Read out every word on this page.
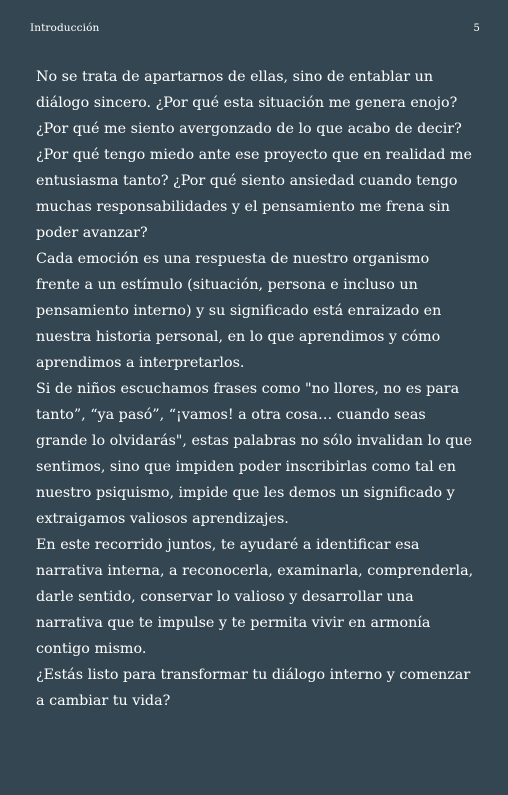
Introducción	5

No se trata de apartarnos de ellas, sino de entablar un diálogo sincero. ¿Por qué esta situación me genera enojo? ¿Por qué me siento avergonzado de lo que acabo de decir? ¿Por qué tengo miedo ante ese proyecto que en realidad me entusiasma tanto? ¿Por qué siento ansiedad cuando tengo muchas responsabilidades y el pensamiento me frena sin poder avanzar?

Cada emoción es una respuesta de nuestro organismo frente a un estímulo (situación, persona e incluso un pensamiento interno) y su significado está enraizado en nuestra historia personal, en lo que aprendimos y cómo aprendimos a interpretarlos.

Si de niños escuchamos frases como "no llores, no es para tanto”, “ya pasó”, “¡vamos! a otra cosa… cuando seas grande lo olvidarás", estas palabras no sólo invalidan lo que sentimos, sino que impiden poder inscribirlas como tal en nuestro psiquismo, impide que les demos un significado y extraigamos valiosos aprendizajes.

En este recorrido juntos, te ayudaré a identificar esa narrativa interna, a reconocerla, examinarla, comprenderla, darle sentido, conservar lo valioso y desarrollar una narrativa que te impulse y te permita vivir en armonía contigo mismo.

¿Estás listo para transformar tu diálogo interno y comenzar a cambiar tu vida?
